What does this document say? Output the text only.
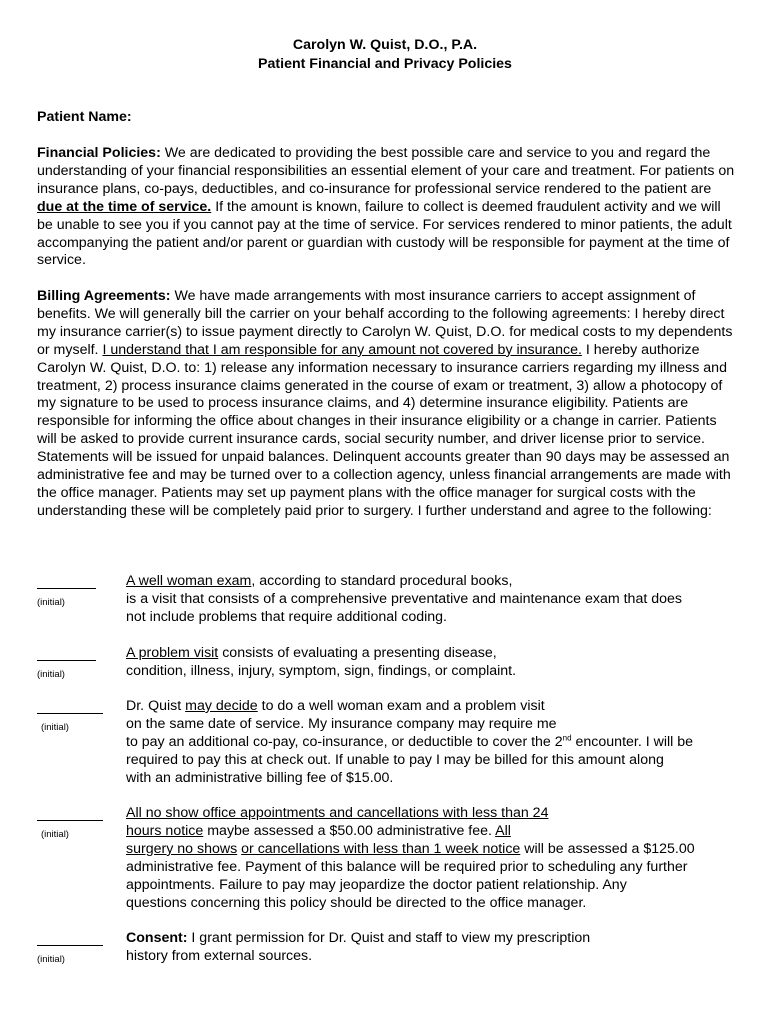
Carolyn W. Quist, D.O., P.A.
Patient Financial and Privacy Policies
Patient Name:
Financial Policies: We are dedicated to providing the best possible care and service to you and regard the understanding of your financial responsibilities an essential element of your care and treatment. For patients on insurance plans, co-pays, deductibles, and co-insurance for professional service rendered to the patient are due at the time of service. If the amount is known, failure to collect is deemed fraudulent activity and we will be unable to see you if you cannot pay at the time of service. For services rendered to minor patients, the adult accompanying the patient and/or parent or guardian with custody will be responsible for payment at the time of service.
Billing Agreements: We have made arrangements with most insurance carriers to accept assignment of benefits. We will generally bill the carrier on your behalf according to the following agreements: I hereby direct my insurance carrier(s) to issue payment directly to Carolyn W. Quist, D.O. for medical costs to my dependents or myself. I understand that I am responsible for any amount not covered by insurance. I hereby authorize Carolyn W. Quist, D.O. to: 1) release any information necessary to insurance carriers regarding my illness and treatment, 2) process insurance claims generated in the course of exam or treatment, 3) allow a photocopy of my signature to be used to process insurance claims, and 4) determine insurance eligibility. Patients are responsible for informing the office about changes in their insurance eligibility or a change in carrier. Patients will be asked to provide current insurance cards, social security number, and driver license prior to service. Statements will be issued for unpaid balances. Delinquent accounts greater than 90 days may be assessed an administrative fee and may be turned over to a collection agency, unless financial arrangements are made with the office manager. Patients may set up payment plans with the office manager for surgical costs with the understanding these will be completely paid prior to surgery. I further understand and agree to the following:
(initial)
A well woman exam, according to standard procedural books,
is a visit that consists of a comprehensive preventative and maintenance exam that does
not include problems that require additional coding.
(initial)
A problem visit consists of evaluating a presenting disease,
condition, illness, injury, symptom, sign, findings, or complaint.
(initial)
Dr. Quist may decide to do a well woman exam and a problem visit
on the same date of service. My insurance company may require me
to pay an additional co-pay, co-insurance, or deductible to cover the 2nd encounter. I will be
required to pay this at check out. If unable to pay I may be billed for this amount along
with an administrative billing fee of $15.00.
(initial)
All no show office appointments and cancellations with less than 24
hours notice maybe assessed a $50.00 administrative fee. All
surgery no shows or cancellations with less than 1 week notice will be assessed a $125.00
administrative fee. Payment of this balance will be required prior to scheduling any further
appointments. Failure to pay may jeopardize the doctor patient relationship. Any
questions concerning this policy should be directed to the office manager.
(initial)
Consent: I grant permission for Dr. Quist and staff to view my prescription
history from external sources.
